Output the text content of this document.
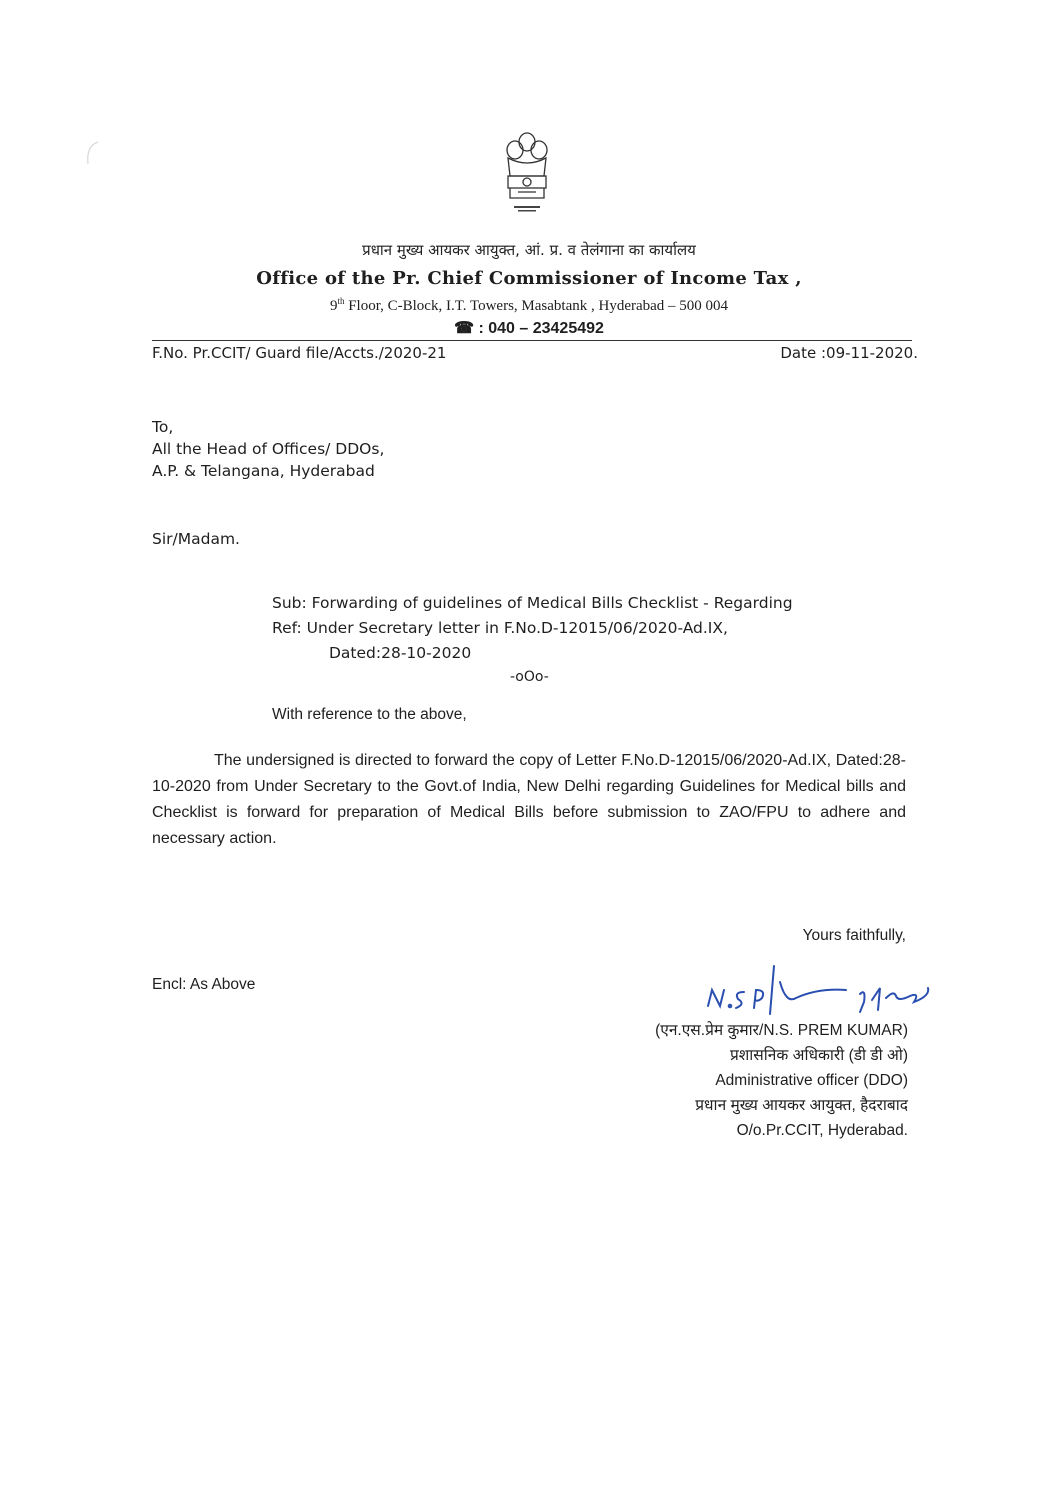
प्रधान मुख्य आयकर आयुक्त, आं. प्र. व तेलंगाना का कार्यालय
Office of the Pr. Chief Commissioner of Income Tax ,
9th Floor, C-Block, I.T. Towers, Masabtank , Hyderabad – 500 004
☎ : 040 – 23425492
F.No. Pr.CCIT/ Guard file/Accts./2020-21	Date :09-11-2020.
To,
All the Head of Offices/ DDOs,
A.P. & Telangana, Hyderabad
Sir/Madam.
Sub: Forwarding of guidelines of Medical Bills Checklist - Regarding
Ref: Under Secretary letter in F.No.D-12015/06/2020-Ad.IX,
Dated:28-10-2020
-oOo-
With reference to the above,
The undersigned is directed to forward the copy of Letter F.No.D-12015/06/2020-Ad.IX, Dated:28-10-2020 from Under Secretary to the Govt.of India, New Delhi regarding Guidelines for Medical bills and Checklist is forward for preparation of Medical Bills before submission to ZAO/FPU to adhere and necessary action.
Yours faithfully,
Encl: As Above
(एन.एस.प्रेम कुमार/N.S. PREM KUMAR)
प्रशासनिक अधिकारी (डी डी ओ)
Administrative officer (DDO)
प्रधान मुख्य आयकर आयुक्त, हैदराबाद
O/o.Pr.CCIT, Hyderabad.
